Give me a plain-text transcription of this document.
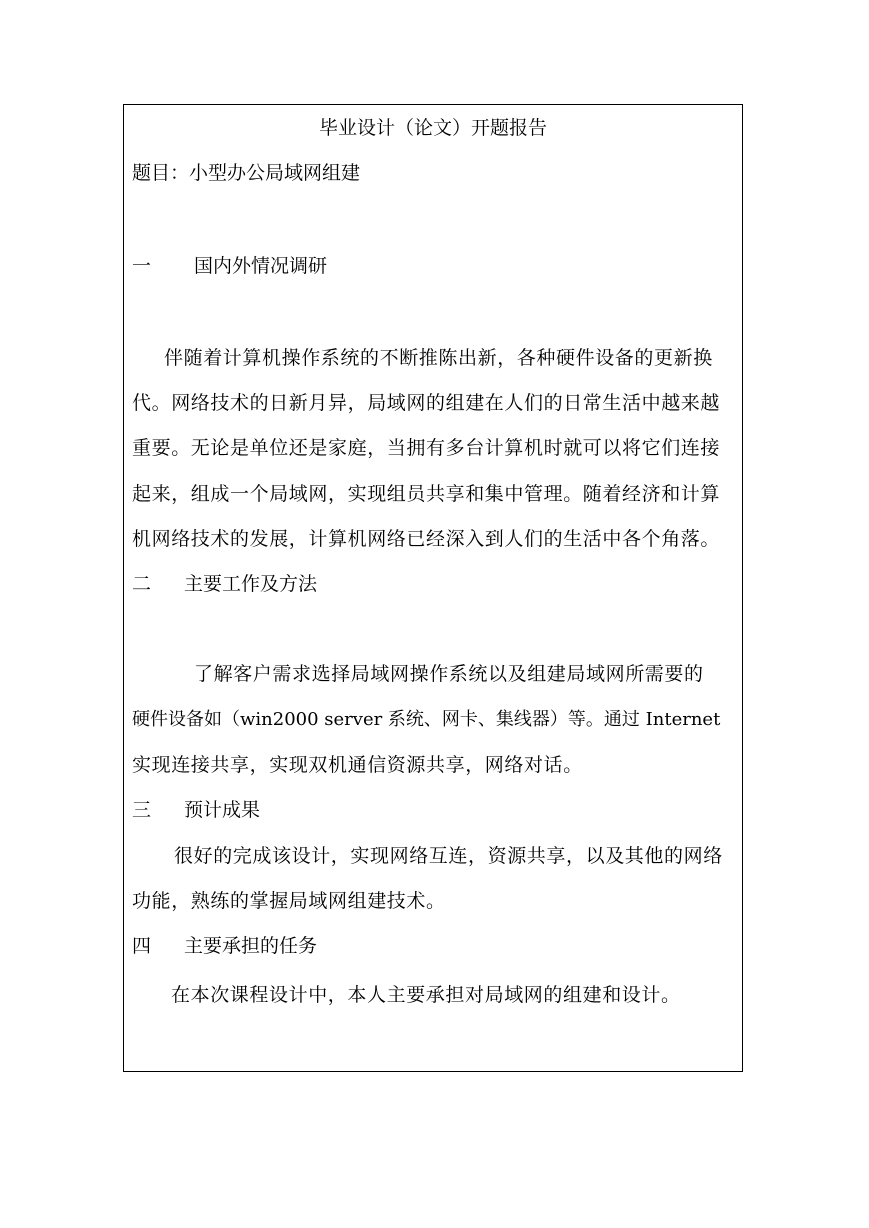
毕业设计（论文）开题报告
题目：小型办公局域网组建
一 国内外情况调研
伴随着计算机操作系统的不断推陈出新，各种硬件设备的更新换
代。网络技术的日新月异，局域网的组建在人们的日常生活中越来越
重要。无论是单位还是家庭，当拥有多台计算机时就可以将它们连接
起来，组成一个局域网，实现组员共享和集中管理。随着经济和计算
机网络技术的发展，计算机网络已经深入到人们的生活中各个角落。
二 主要工作及方法
了解客户需求选择局域网操作系统以及组建局域网所需要的
硬件设备如（win2000 server 系统、网卡、集线器）等。通过 Internet
实现连接共享，实现双机通信资源共享，网络对话。
三 预计成果
很好的完成该设计，实现网络互连，资源共享，以及其他的网络
功能，熟练的掌握局域网组建技术。
四 主要承担的任务
在本次课程设计中，本人主要承担对局域网的组建和设计。
